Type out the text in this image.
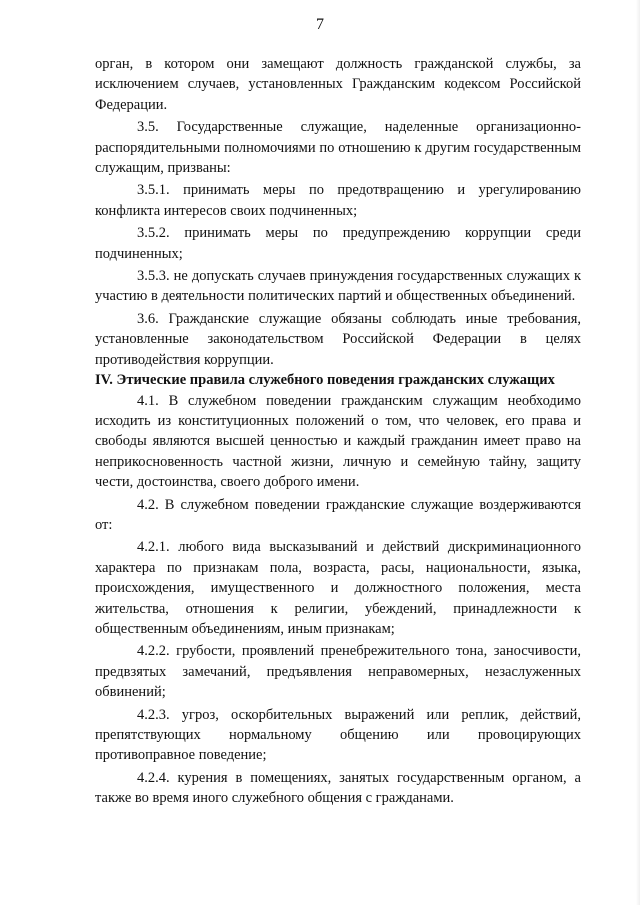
7

орган, в котором они замещают должность гражданской службы, за исключением случаев, установленных Гражданским кодексом Российской Федерации.

3.5. Государственные служащие, наделенные организационно-распорядительными полномочиями по отношению к другим государственным служащим, призваны:

3.5.1. принимать меры по предотвращению и урегулированию конфликта интересов своих подчиненных;

3.5.2. принимать меры по предупреждению коррупции среди подчиненных;

3.5.3. не допускать случаев принуждения государственных служащих к участию в деятельности политических партий и общественных объединений.

3.6. Гражданские служащие обязаны соблюдать иные требования, установленные законодательством Российской Федерации в целях противодействия коррупции.

IV. Этические правила служебного поведения гражданских служащих

4.1. В служебном поведении гражданским служащим необходимо исходить из конституционных положений о том, что человек, его права и свободы являются высшей ценностью и каждый гражданин имеет право на неприкосновенность частной жизни, личную и семейную тайну, защиту чести, достоинства, своего доброго имени.

4.2. В служебном поведении гражданские служащие воздерживаются от:

4.2.1. любого вида высказываний и действий дискриминационного характера по признакам пола, возраста, расы, национальности, языка, происхождения, имущественного и должностного положения, места жительства, отношения к религии, убеждений, принадлежности к общественным объединениям, иным признакам;

4.2.2. грубости, проявлений пренебрежительного тона, заносчивости, предвзятых замечаний, предъявления неправомерных, незаслуженных обвинений;

4.2.3. угроз, оскорбительных выражений или реплик, действий, препятствующих нормальному общению или провоцирующих противоправное поведение;

4.2.4. курения в помещениях, занятых государственным органом, а также во время иного служебного общения с гражданами.
